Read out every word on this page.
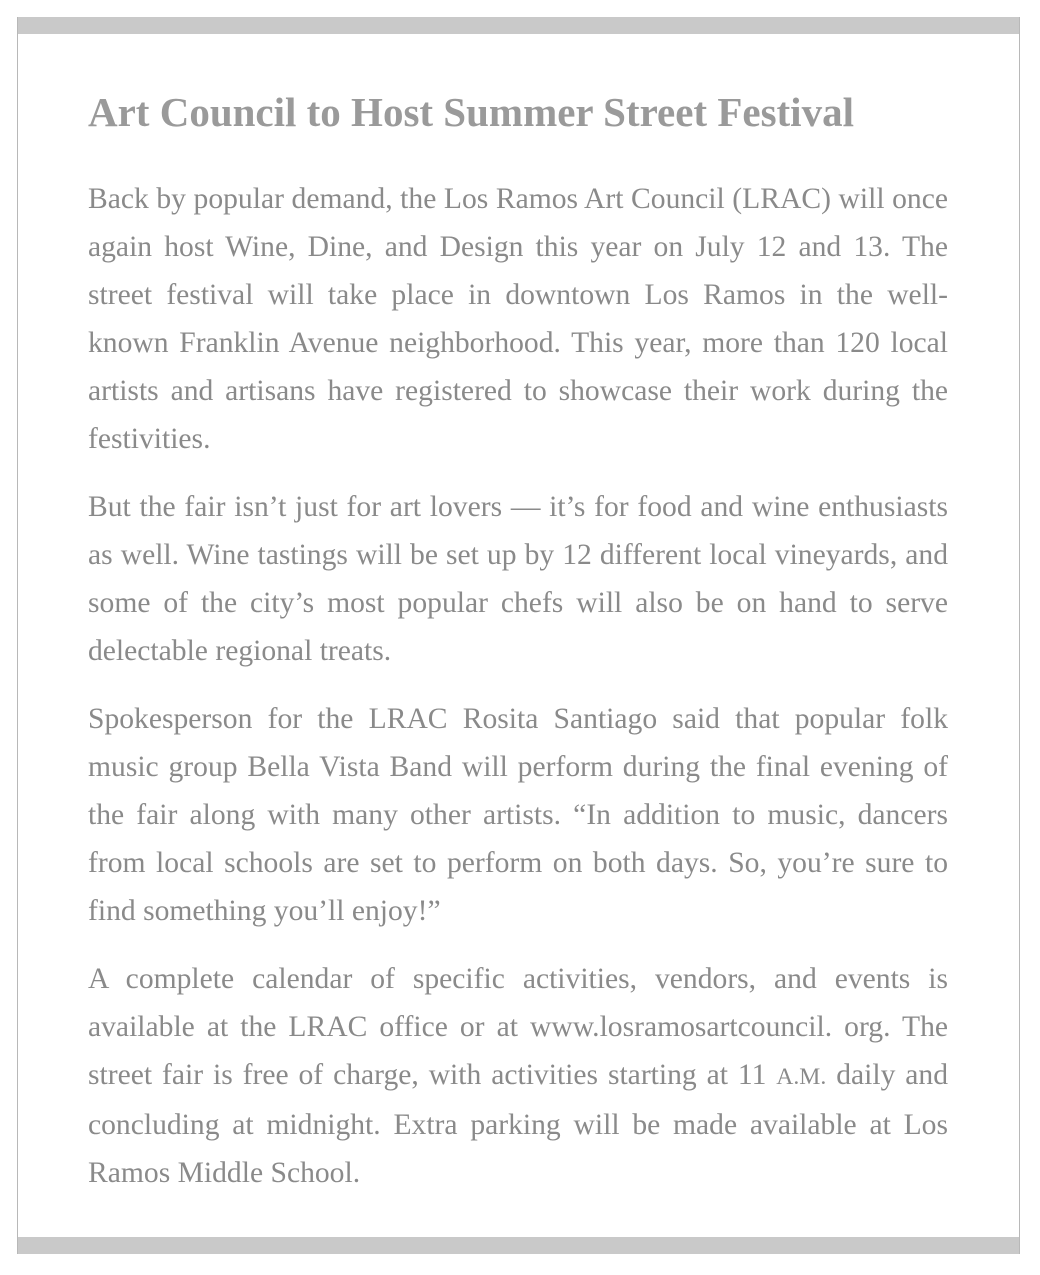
Art Council to Host Summer Street Festival

Back by popular demand, the Los Ramos Art Council (LRAC) will once again host Wine, Dine, and Design this year on July 12 and 13. The street festival will take place in downtown Los Ramos in the well-known Franklin Avenue neighborhood. This year, more than 120 local artists and artisans have registered to showcase their work during the festivities.

But the fair isn’t just for art lovers — it’s for food and wine enthusiasts as well. Wine tastings will be set up by 12 different local vineyards, and some of the city’s most popular chefs will also be on hand to serve delectable regional treats.

Spokesperson for the LRAC Rosita Santiago said that popular folk music group Bella Vista Band will perform during the final evening of the fair along with many other artists. “In addition to music, dancers from local schools are set to perform on both days. So, you’re sure to find something you’ll enjoy!”

A complete calendar of specific activities, vendors, and events is available at the LRAC office or at www.losramosartcouncil. org. The street fair is free of charge, with activities starting at 11 A.M. daily and concluding at midnight. Extra parking will be made available at Los Ramos Middle School.
